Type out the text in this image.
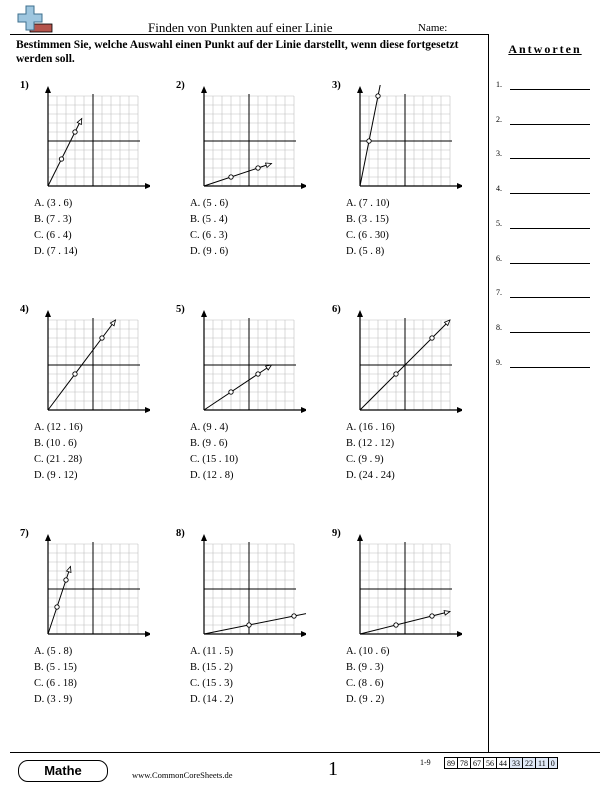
Finden von Punkten auf einer Linie	Name:
Bestimmen Sie, welche Auswahl einen Punkt auf der Linie darstellt, wenn diese fortgesetzt werden soll.
Antworten
1.
2.
3.
4.
5.
6.
7.
8.
9.
1)
A. (3 . 6)
B. (7 . 3)
C. (6 . 4)
D. (7 . 14)
2)
A. (5 . 6)
B. (5 . 4)
C. (6 . 3)
D. (9 . 6)
3)
A. (7 . 10)
B. (3 . 15)
C. (6 . 30)
D. (5 . 8)
4)
A. (12 . 16)
B. (10 . 6)
C. (21 . 28)
D. (9 . 12)
5)
A. (9 . 4)
B. (9 . 6)
C. (15 . 10)
D. (12 . 8)
6)
A. (16 . 16)
B. (12 . 12)
C. (9 . 9)
D. (24 . 24)
7)
A. (5 . 8)
B. (5 . 15)
C. (6 . 18)
D. (3 . 9)
8)
A. (11 . 5)
B. (15 . 2)
C. (15 . 3)
D. (14 . 2)
9)
A. (10 . 6)
B. (9 . 3)
C. (8 . 6)
D. (9 . 2)
Mathe	www.CommonCoreSheets.de	1	1-9 89	78	67	56	44	33	22	11	0
